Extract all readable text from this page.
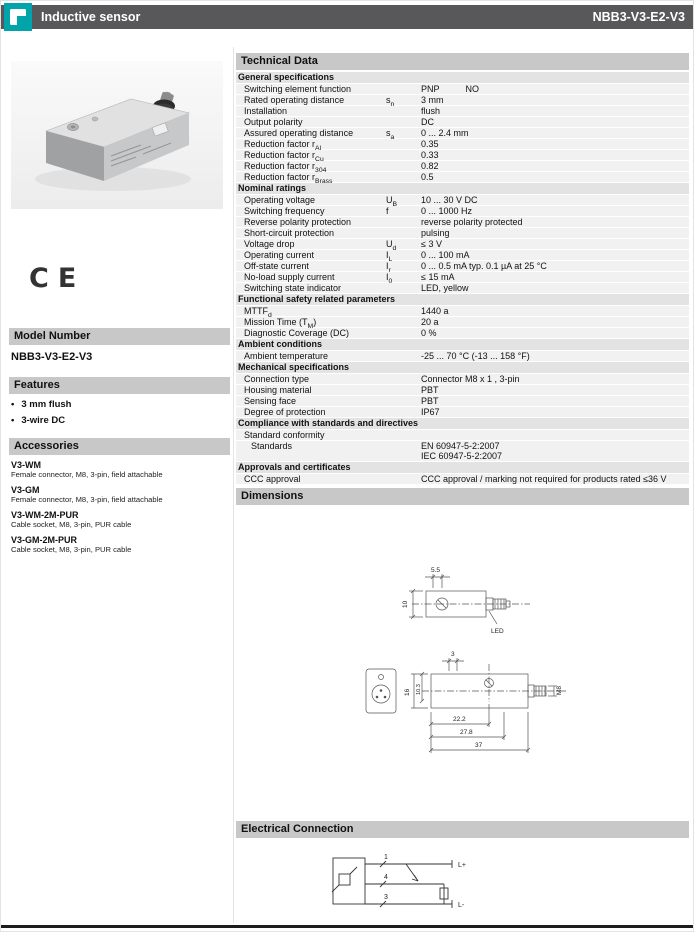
Inductive sensor	NBB3-V3-E2-V3
CE
Model Number
NBB3-V3-E2-V3
Features
• 3 mm flush
• 3-wire DC
Accessories
V3-WM
Female connector, M8, 3-pin, field attachable
V3-GM
Female connector, M8, 3-pin, field attachable
V3-WM-2M-PUR
Cable socket, M8, 3-pin, PUR cable
V3-GM-2M-PUR
Cable socket, M8, 3-pin, PUR cable
Technical Data
General specifications
Switching element function	PNP	NO
Rated operating distance	$s_n$	3 mm
Installation	flush
Output polarity	DC
Assured operating distance	$s_a$	0 ... 2.4 mm
Reduction factor $r_{Al}$	0.35
Reduction factor $r_{Cu}$	0.33
Reduction factor $r_{304}$	0.82
Reduction factor $r_{Brass}$	0.5
Nominal ratings
Operating voltage	$U_B$	10 ... 30 V DC
Switching frequency	f	0 ... 1000 Hz
Reverse polarity protection	reverse polarity protected
Short-circuit protection	pulsing
Voltage drop	$U_d$	≤ 3 V
Operating current	$I_L$	0 ... 100 mA
Off-state current	$I_r$	0 ... 0.5 mA typ. 0.1 µA at 25 °C
No-load supply current	$I_0$	≤ 15 mA
Switching state indicator	LED, yellow
Functional safety related parameters
$MTTF_d$	1440 a
Mission Time $(T_M)$	20 a
Diagnostic Coverage (DC)	0 %
Ambient conditions
Ambient temperature	-25 ... 70 °C (-13 ... 158 °F)
Mechanical specifications
Connection type	Connector M8 x 1 , 3-pin
Housing material	PBT
Sensing face	PBT
Degree of protection	IP67
Compliance with standards and directives
Standard conformity
Standards	EN 60947-5-2:2007
IEC 60947-5-2:2007
Approvals and certificates
CCC approval	CCC approval / marking not required for products rated ≤36 V
Dimensions
5.5
10
LED
3
16 10.3	M8
22.2
27.8
37
Electrical Connection
1
4
3
L+
L-
